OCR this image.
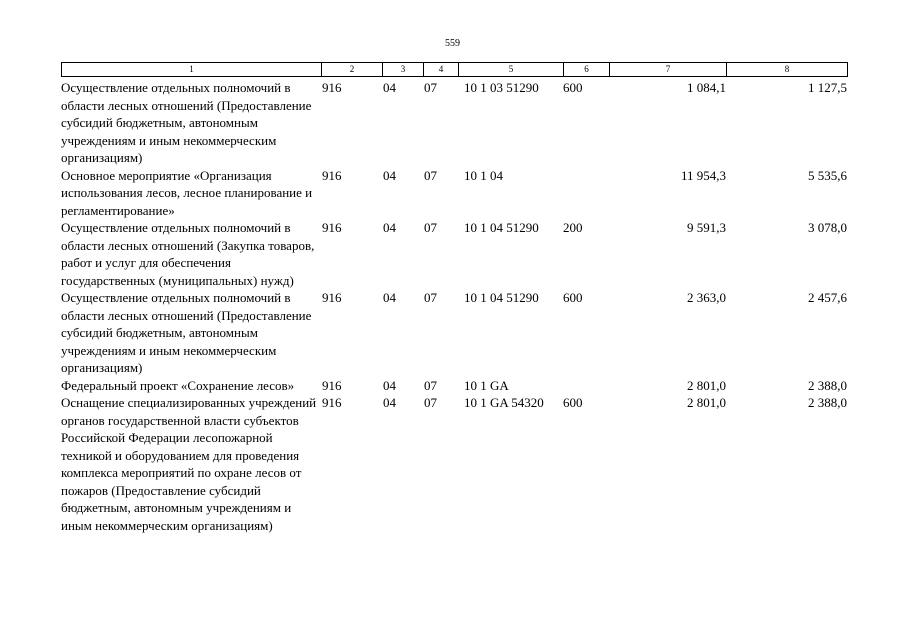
559
1	2	3	4	5	6	7	8
Осуществление отдельных полномочий в области лесных отношений (Предоставление субсидий бюджетным, автономным учреждениям и иным некоммерческим организациям)	916	04	07	10 1 03 51290	600	1 084,1	1 127,5
Основное мероприятие «Организация использования лесов, лесное планирование и регламентирование»	916	04	07	10 1 04		11 954,3	5 535,6
Осуществление отдельных полномочий в области лесных отношений (Закупка товаров, работ и услуг для обеспечения государственных (муниципальных) нужд)	916	04	07	10 1 04 51290	200	9 591,3	3 078,0
Осуществление отдельных полномочий в области лесных отношений (Предоставление субсидий бюджетным, автономным учреждениям и иным некоммерческим организациям)	916	04	07	10 1 04 51290	600	2 363,0	2 457,6
Федеральный проект «Сохранение лесов»	916	04	07	10 1 GA		2 801,0	2 388,0
Оснащение специализированных учреждений органов государственной власти субъектов Российской Федерации лесопожарной техникой и оборудованием для проведения комплекса мероприятий по охране лесов от пожаров (Предоставление субсидий бюджетным, автономным учреждениям и иным некоммерческим организациям)	916	04	07	10 1 GA 54320	600	2 801,0	2 388,0
